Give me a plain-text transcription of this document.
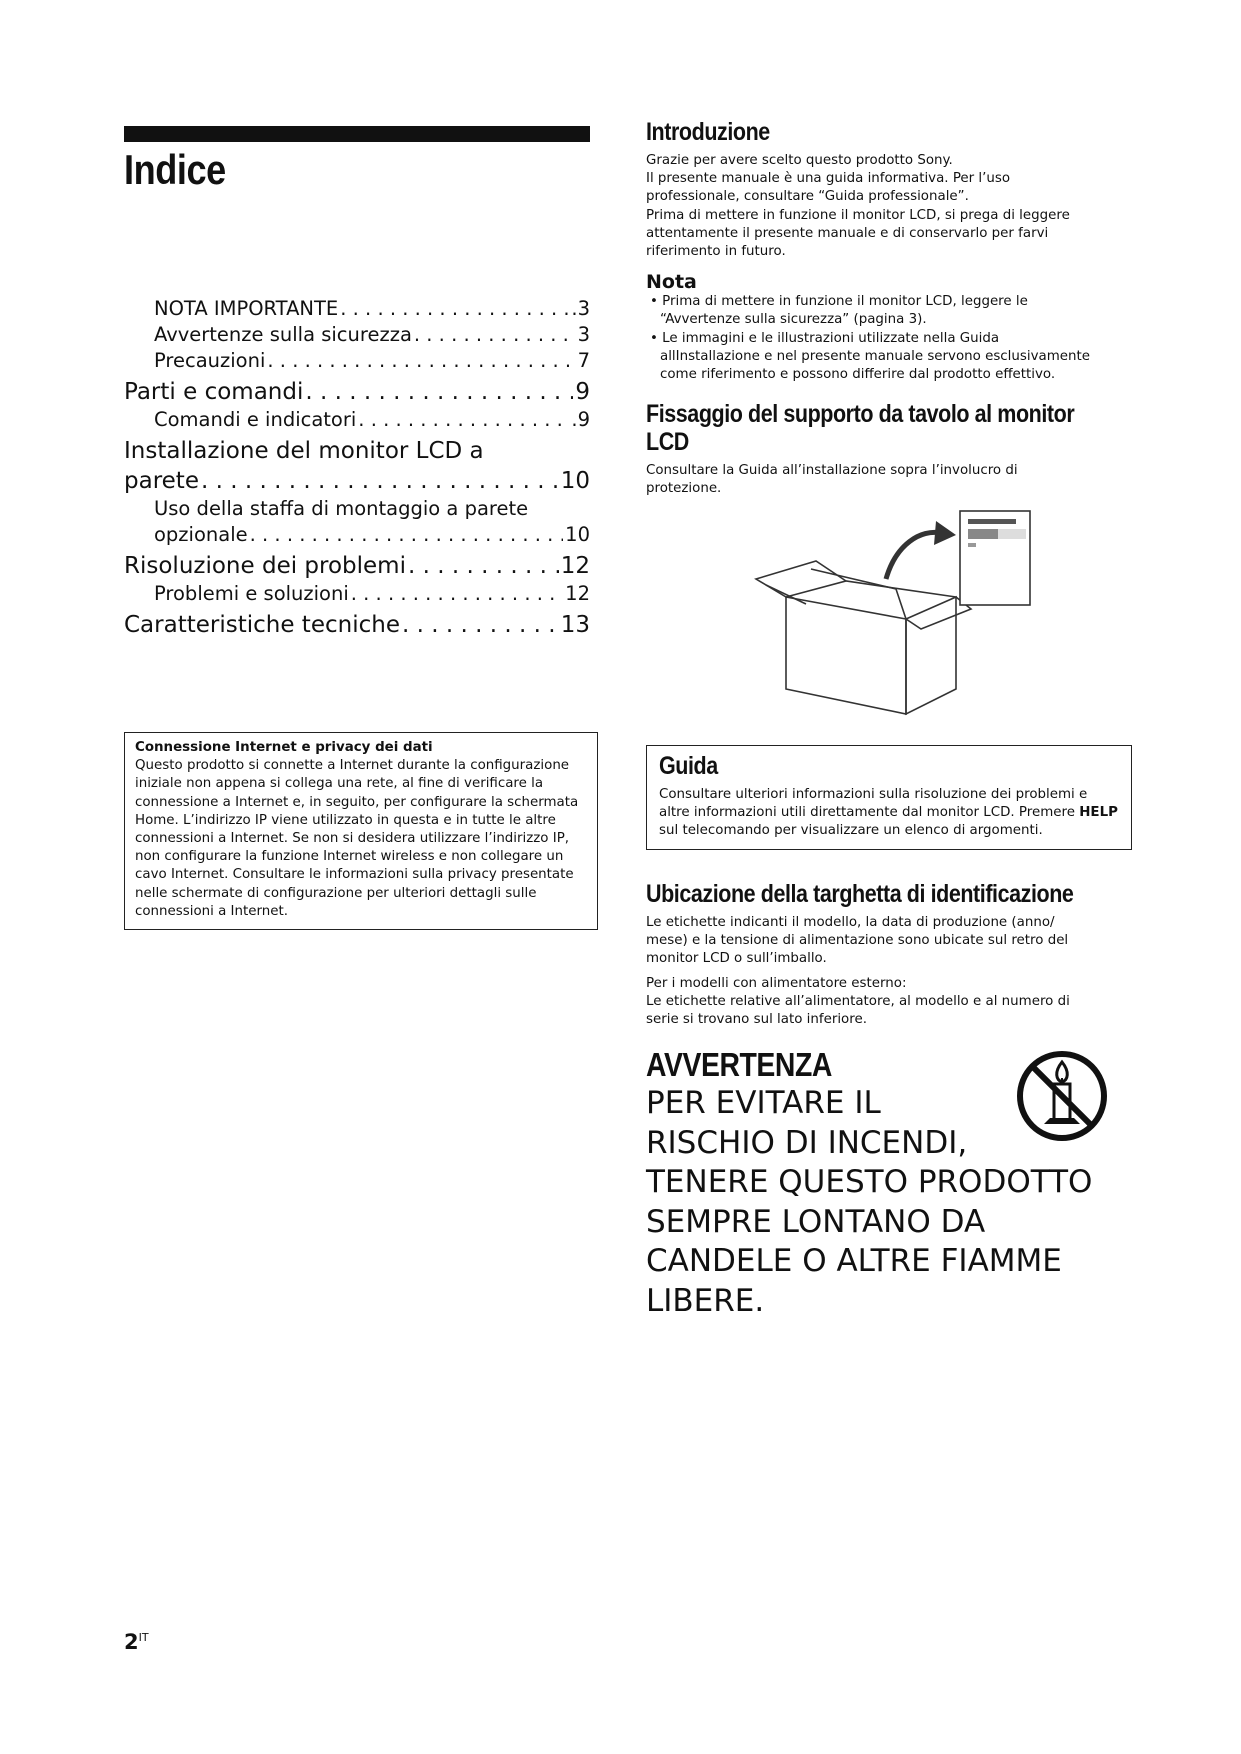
Indice
NOTA IMPORTANTE . . .	.3
Avvertenze sulla sicurezza . . .	3
Precauzioni . . .	7
Parti e comandi . . .	9
Comandi e indicatori . . .	.9
Installazione del monitor LCD a
parete . . .	10
Uso della staffa di montaggio a parete
opzionale . . .	10
Risoluzione dei problemi . . .	12
Problemi e soluzioni . . .	12
Caratteristiche tecniche . . .	13
Connessione Internet e privacy dei dati
Questo prodotto si connette a Internet durante la configurazione iniziale non appena si collega una rete, al fine di verificare la connessione a Internet e, in seguito, per configurare la schermata Home. L’indirizzo IP viene utilizzato in questa e in tutte le altre connessioni a Internet. Se non si desidera utilizzare l’indirizzo IP, non configurare la funzione Internet wireless e non collegare un cavo Internet. Consultare le informazioni sulla privacy presentate nelle schermate di configurazione per ulteriori dettagli sulle connessioni a Internet.
Introduzione
Grazie per avere scelto questo prodotto Sony.
Il presente manuale è una guida informativa. Per l’uso professionale, consultare “Guida professionale”.
Prima di mettere in funzione il monitor LCD, si prega di leggere attentamente il presente manuale e di conservarlo per farvi riferimento in futuro.
Nota
• Prima di mettere in funzione il monitor LCD, leggere le “Avvertenze sulla sicurezza” (pagina 3).
• Le immagini e le illustrazioni utilizzate nella Guida allInstallazione e nel presente manuale servono esclusivamente come riferimento e possono differire dal prodotto effettivo.
Fissaggio del supporto da tavolo al monitor
LCD
Consultare la Guida all’installazione sopra l’involucro di protezione.
Guida
Consultare ulteriori informazioni sulla risoluzione dei problemi e altre informazioni utili direttamente dal monitor LCD. Premere HELP sul telecomando per visualizzare un elenco di argomenti.
Ubicazione della targhetta di identificazione
Le etichette indicanti il modello, la data di produzione (anno/ mese) e la tensione di alimentazione sono ubicate sul retro del monitor LCD o sull’imballo.
Per i modelli con alimentatore esterno:
Le etichette relative all’alimentatore, al modello e al numero di serie si trovano sul lato inferiore.
AVVERTENZA
PER EVITARE IL
RISCHIO DI INCENDI,
TENERE QUESTO PRODOTTO
SEMPRE LONTANO DA
CANDELE O ALTRE FIAMME
LIBERE.
$2^{IT}$
